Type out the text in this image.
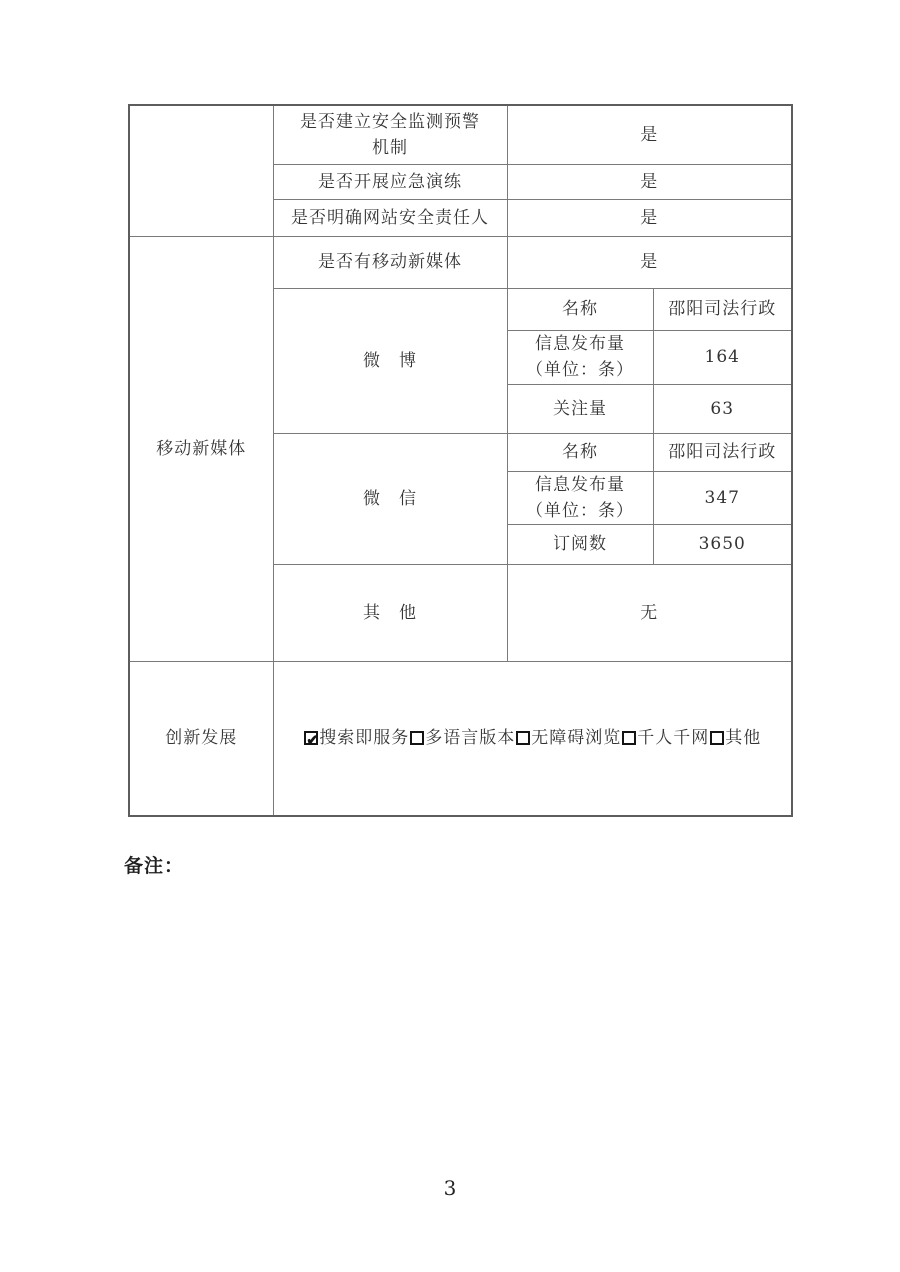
	是否建立安全监测预警
机制	是	
	是否开展应急演练	是	
	是否明确网站安全责任人	是	
移动新媒体	是否有移动新媒体	是	
	微　博	名称	邵阳司法行政

		信息发布量
（单位：条）	164
		关注量	63
	微　信	名称	邵阳司法行政

		信息发布量
（单位：条）	347
		订阅数	3650
	其　他	无	
创新发展	✔搜索即服务 多语言版本 无障碍浏览 千人千网 其他
备注：
3
